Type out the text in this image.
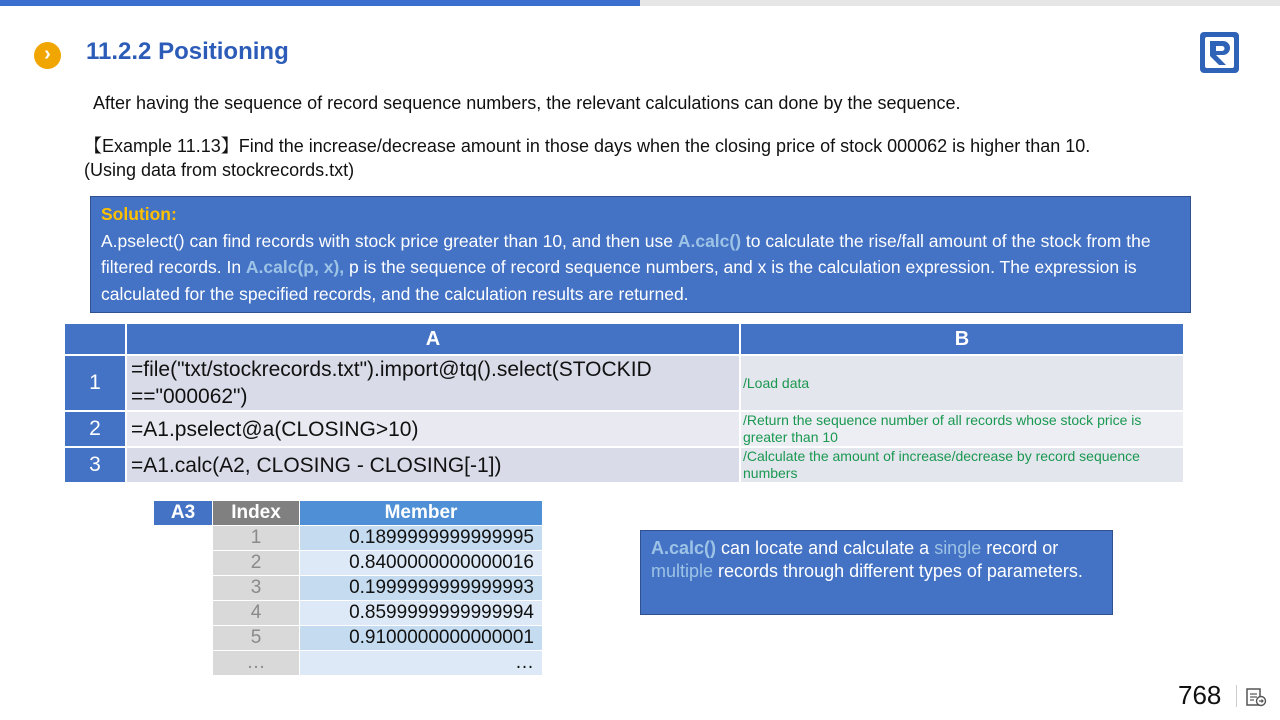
›	11.2.2 Positioning
After having the sequence of record sequence numbers, the relevant calculations can done by the sequence.
【Example 11.13】Find the increase/decrease amount in those days when the closing price of stock 000062 is higher than 10.
(Using data from stockrecords.txt)
Solution:
A.pselect() can find records with stock price greater than 10, and then use A.calc() to calculate the rise/fall amount of the stock from the filtered records. In A.calc(p, x), p is the sequence of record sequence numbers, and x is the calculation expression. The expression is calculated for the specified records, and the calculation results are returned.
	A	B
1	=file("txt/stockrecords.txt").import@tq().select(STOCKID =="000062")	/Load data
2	=A1.pselect@a(CLOSING>10)	/Return the sequence number of all records whose stock price is greater than 10
3	=A1.calc(A2, CLOSING - CLOSING[-1])	/Calculate the amount of increase/decrease by record sequence numbers
A3	Index	Member
	1	0.1899999999999995
	2	0.8400000000000016
	3	0.1999999999999993
	4	0.8599999999999994
	5	0.9100000000000001
	…	…
A.calc() can locate and calculate a single record or multiple records through different types of parameters.
768
